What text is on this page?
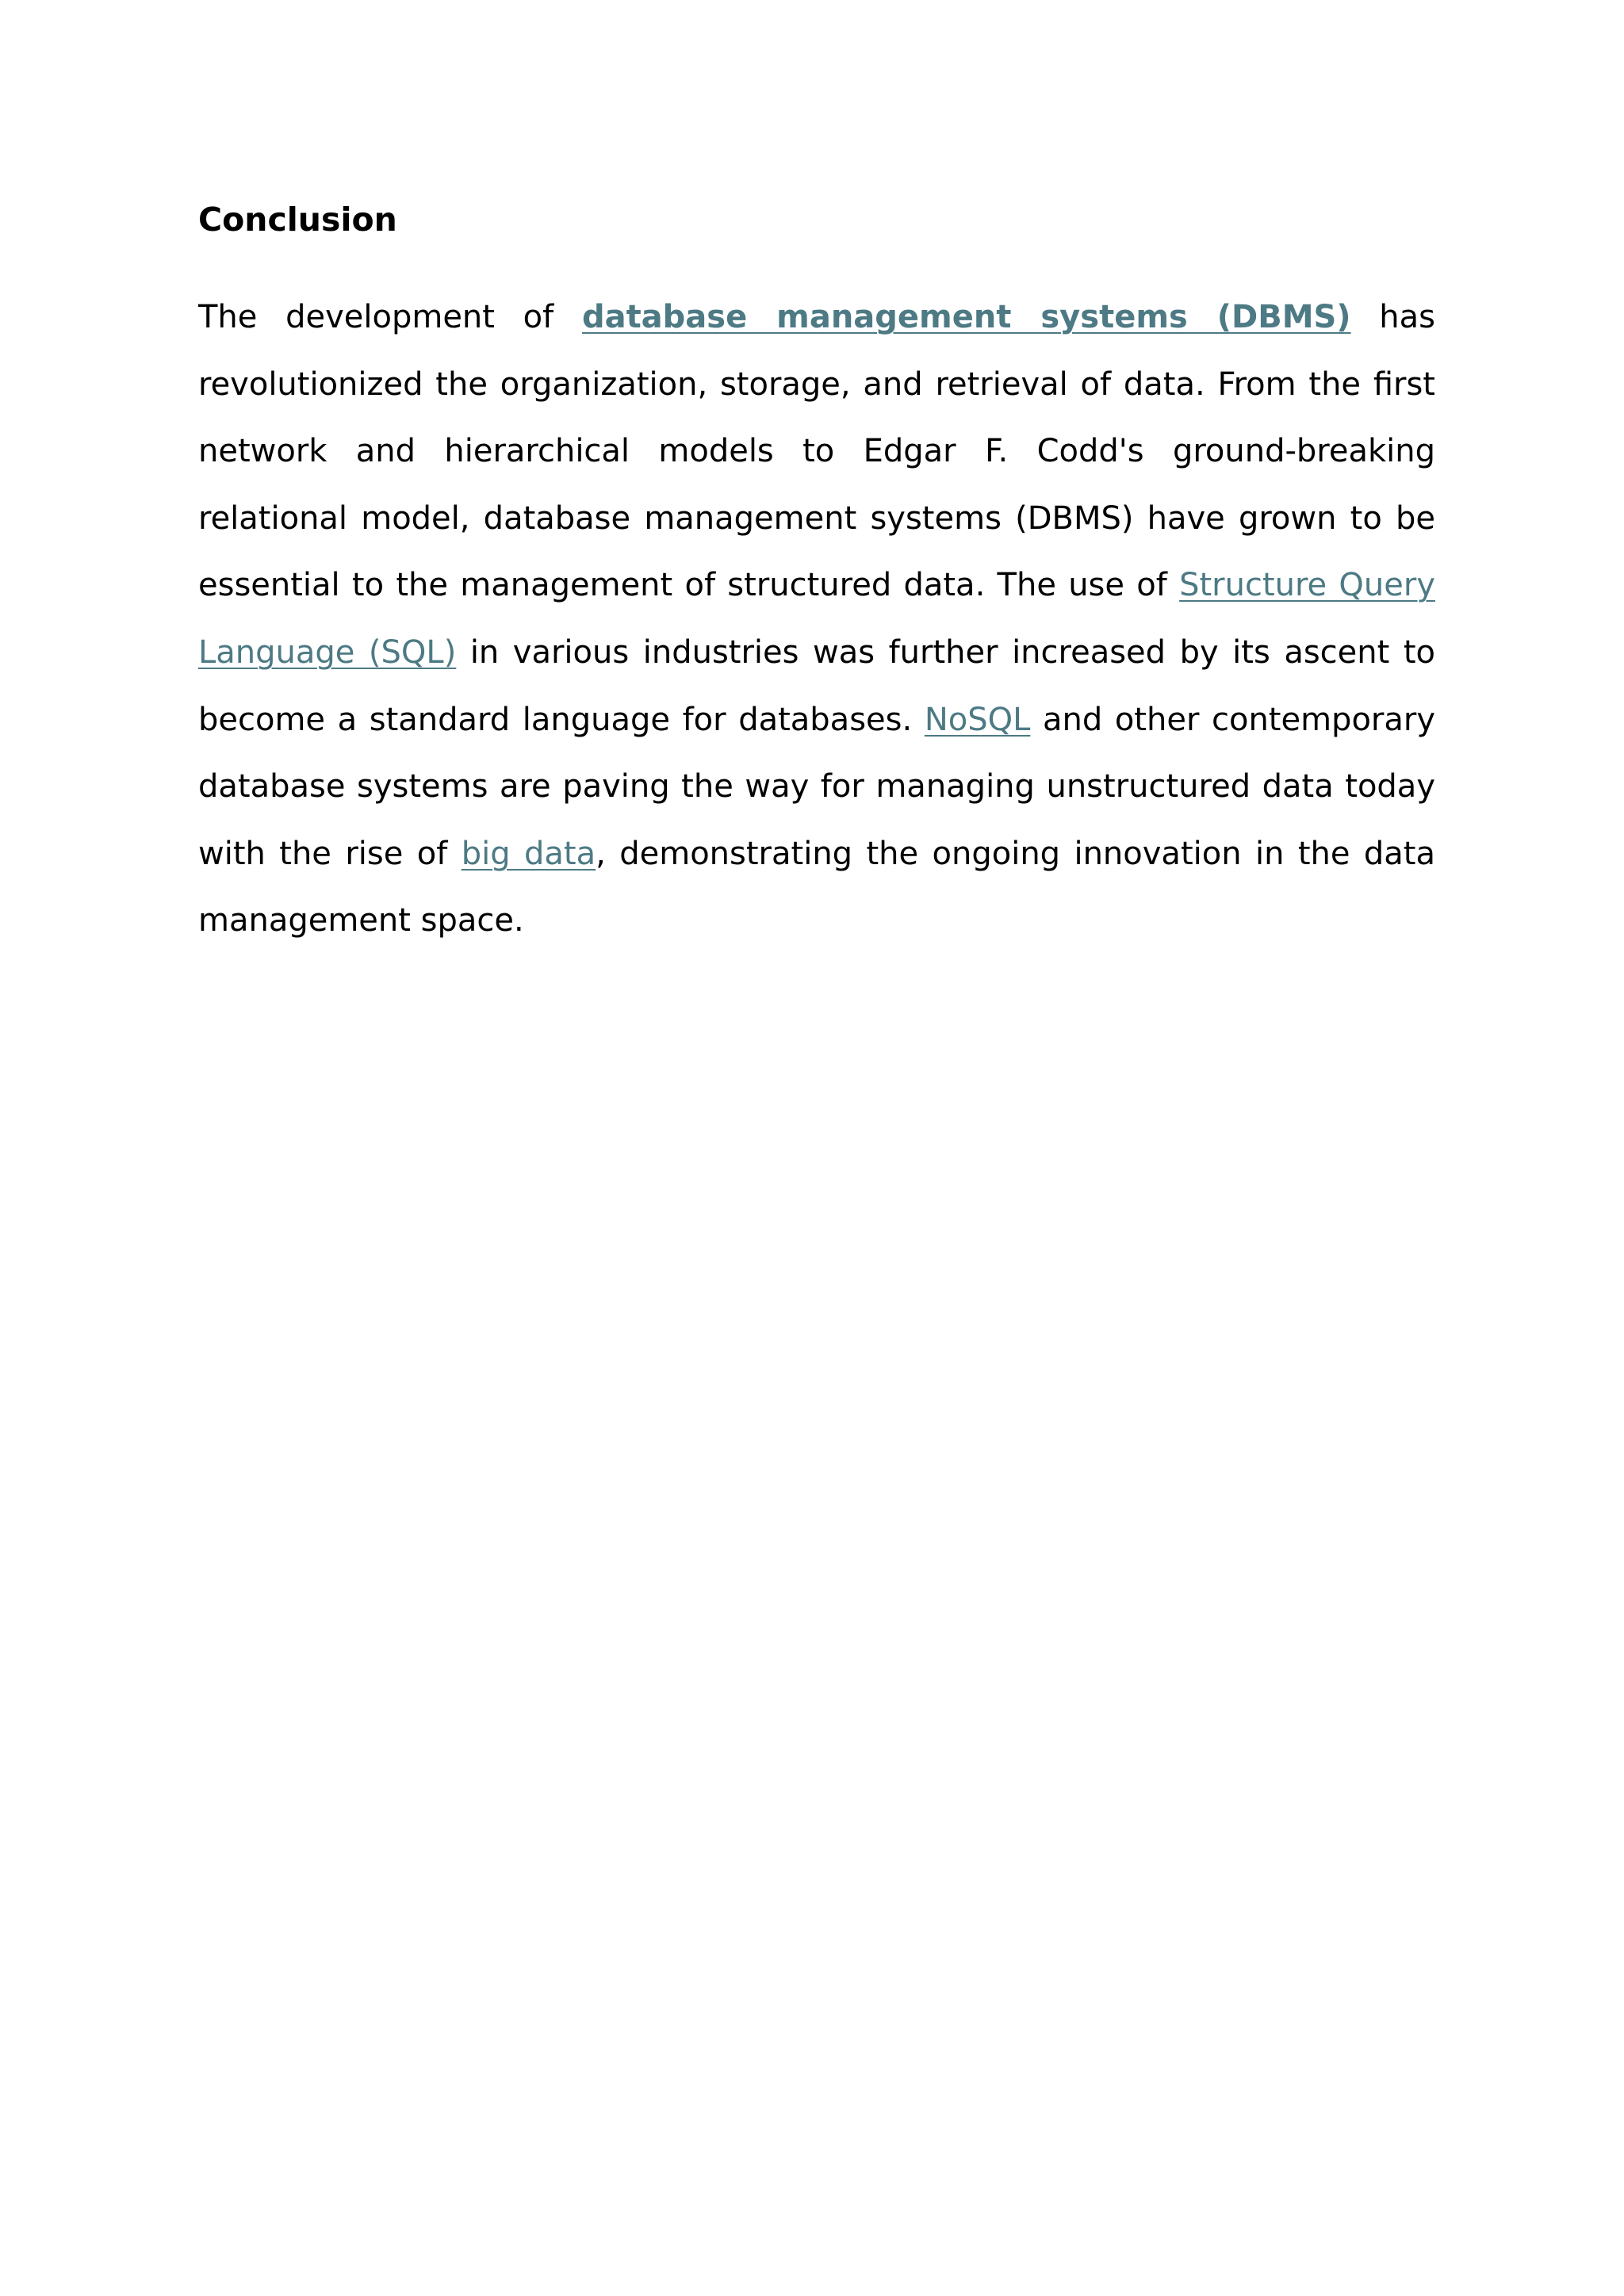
Conclusion

The development of database management systems (DBMS) has revolutionized the organization, storage, and retrieval of data. From the first network and hierarchical models to Edgar F. Codd's ground-breaking relational model, database management systems (DBMS) have grown to be essential to the management of structured data. The use of Structure Query Language (SQL) in various industries was further increased by its ascent to become a standard language for databases. NoSQL and other contemporary database systems are paving the way for managing unstructured data today with the rise of big data, demonstrating the ongoing innovation in the data management space.
